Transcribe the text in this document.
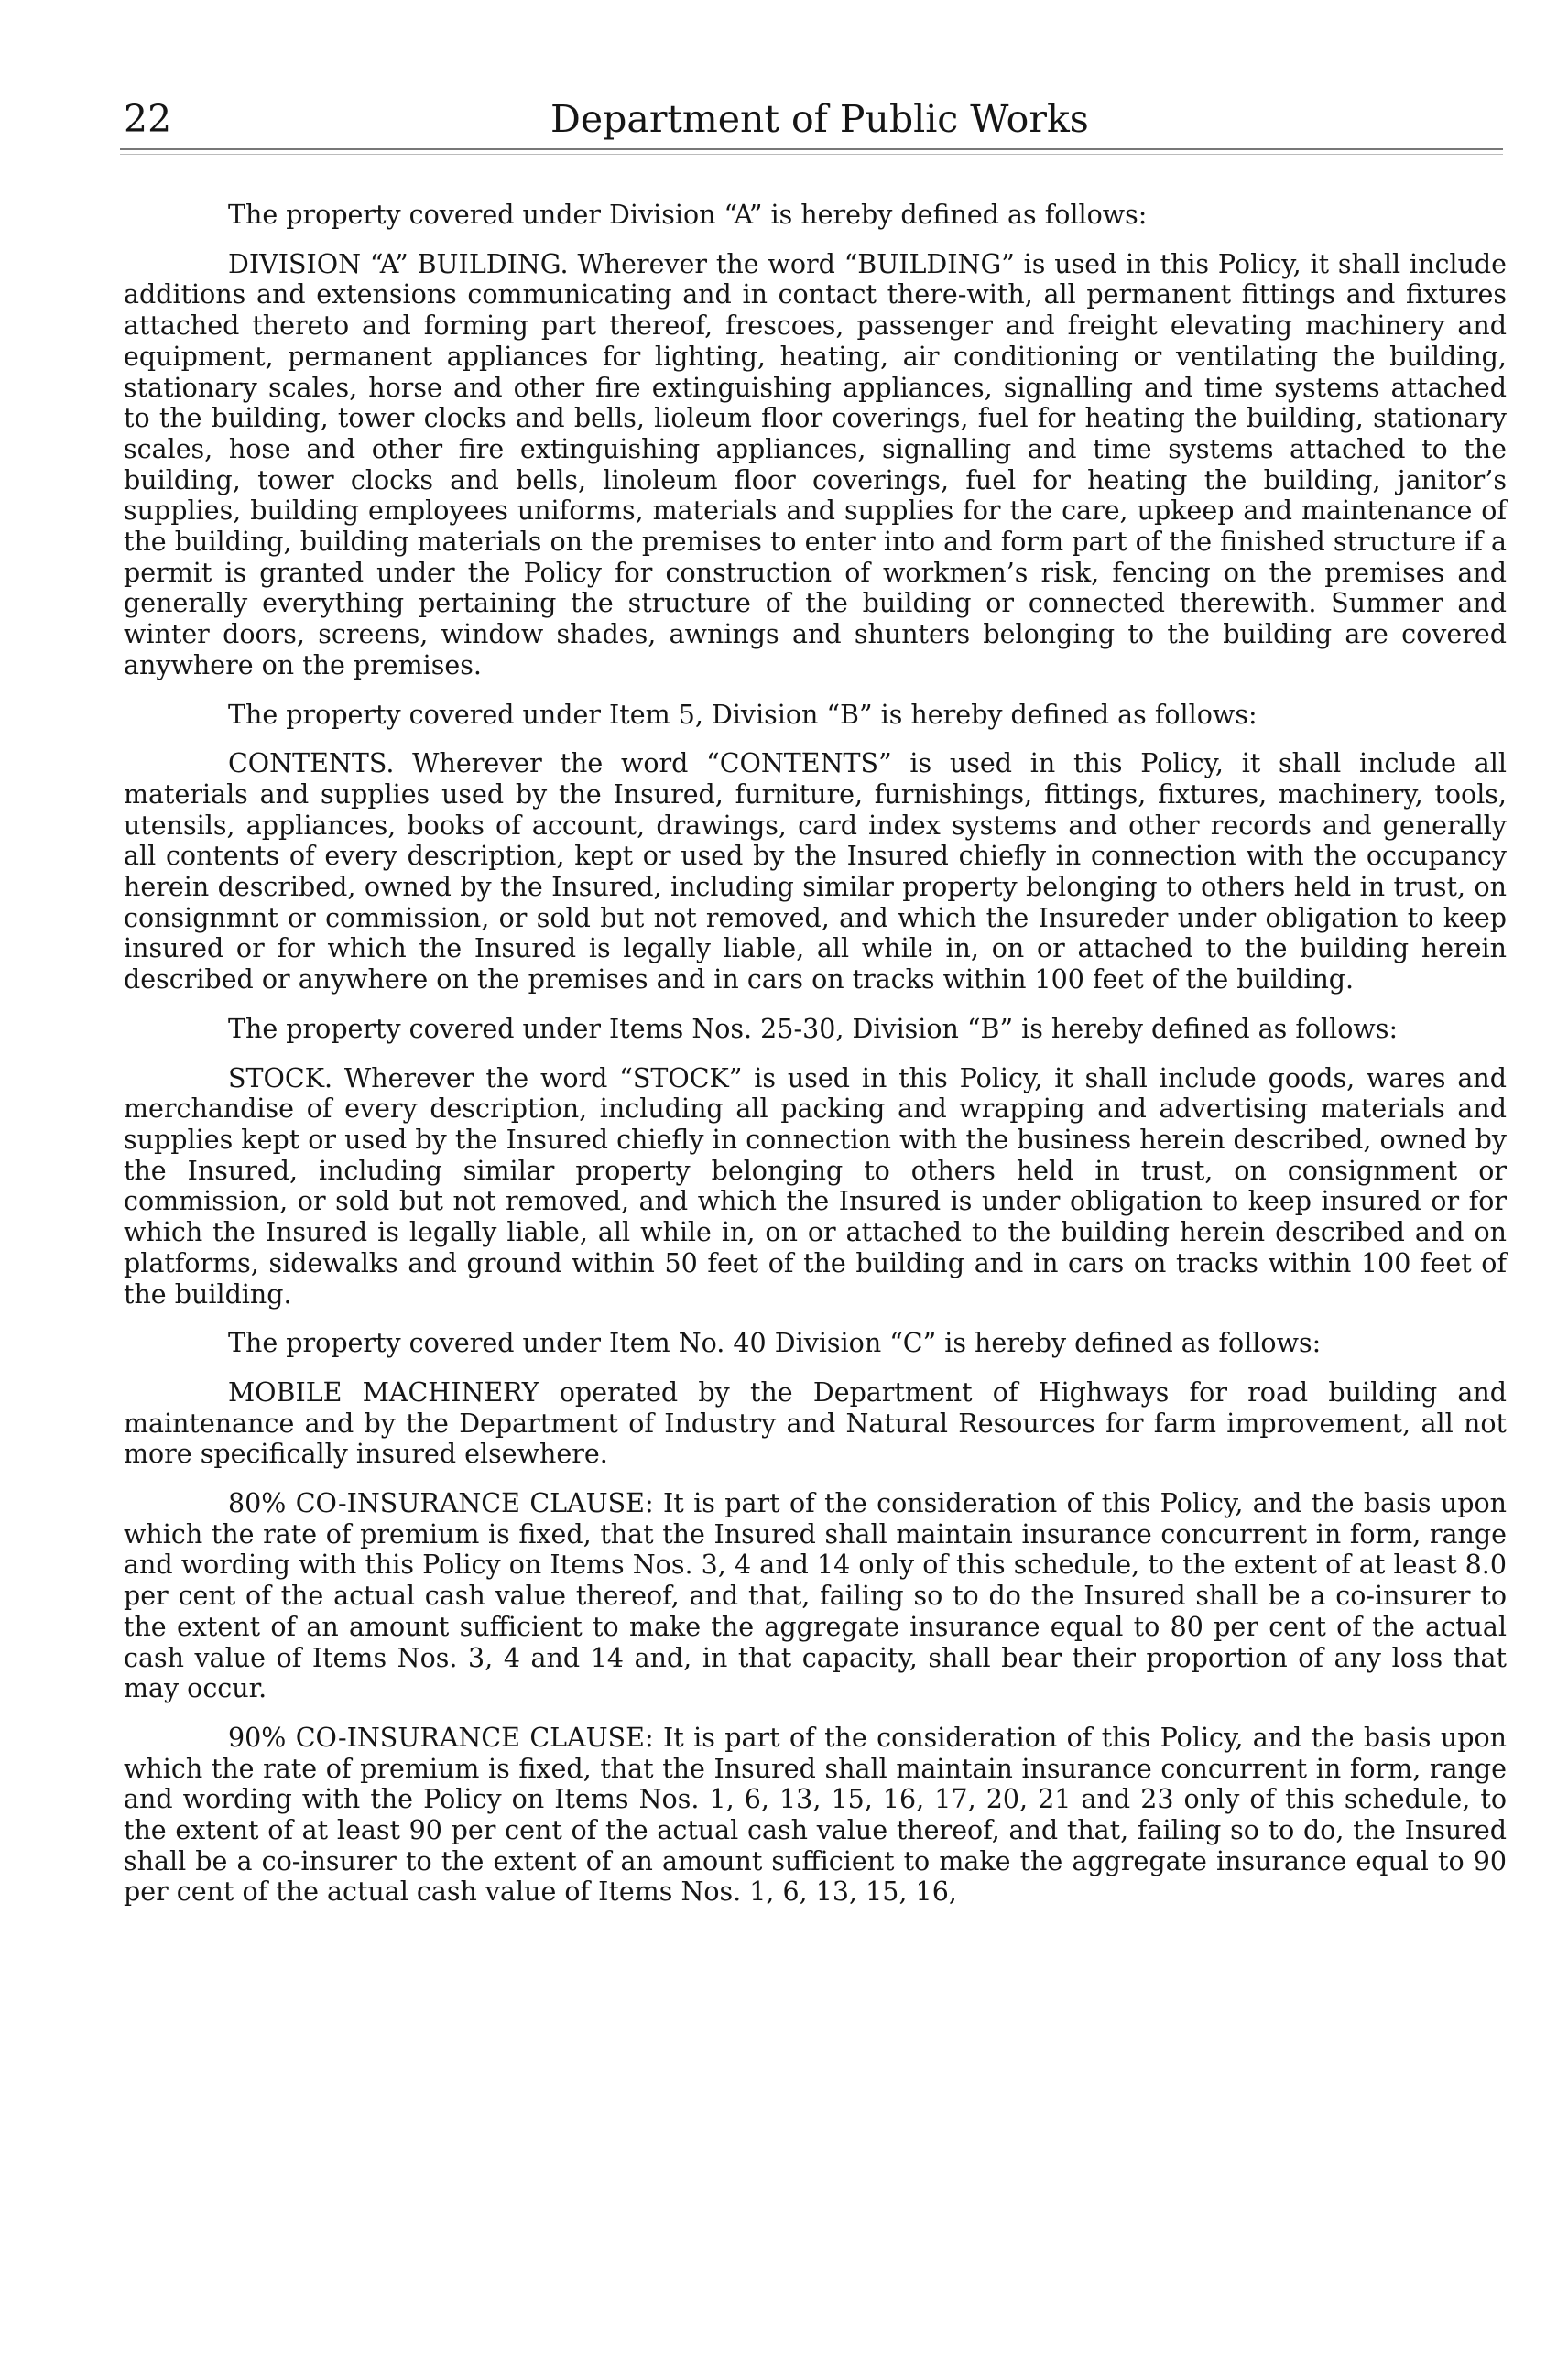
22	Department of Public Works

The property covered under Division “A” is hereby defined as follows:

DIVISION “A” BUILDING. Wherever the word “BUILDING” is used in this Policy, it shall include additions and extensions communicating and in contact there-with, all permanent fittings and fixtures attached thereto and forming part thereof, frescoes, passenger and freight elevating machinery and equipment, permanent appliances for lighting, heating, air conditioning or ventilating the building, stationary scales, horse and other fire extinguishing appliances, signalling and time systems attached to the building, tower clocks and bells, lioleum floor coverings, fuel for heating the building, stationary scales, hose and other fire extinguishing appliances, signalling and time systems attached to the building, tower clocks and bells, linoleum floor coverings, fuel for heating the building, janitor’s supplies, building employees uniforms, materials and supplies for the care, upkeep and maintenance of the building, building materials on the premises to enter into and form part of the finished structure if a permit is granted under the Policy for construction of workmen’s risk, fencing on the premises and generally everything pertaining the structure of the building or connected therewith. Summer and winter doors, screens, window shades, awnings and shunters belonging to the building are covered anywhere on the premises.

The property covered under Item 5, Division “B” is hereby defined as follows:

CONTENTS. Wherever the word “CONTENTS” is used in this Policy, it shall include all materials and supplies used by the Insured, furniture, furnishings, fittings, fixtures, machinery, tools, utensils, appliances, books of account, drawings, card index systems and other records and generally all contents of every description, kept or used by the Insured chiefly in connection with the occupancy herein described, owned by the Insured, including similar property belonging to others held in trust, on consignmnt or commission, or sold but not removed, and which the Insureder under obligation to keep insured or for which the Insured is legally liable, all while in, on or attached to the building herein described or anywhere on the premises and in cars on tracks within 100 feet of the building.

The property covered under Items Nos. 25-30, Division “B” is hereby defined as follows:

STOCK. Wherever the word “STOCK” is used in this Policy, it shall include goods, wares and merchandise of every description, including all packing and wrapping and advertising materials and supplies kept or used by the Insured chiefly in connection with the business herein described, owned by the Insured, including similar property belonging to others held in trust, on consignment or commission, or sold but not removed, and which the Insured is under obligation to keep insured or for which the Insured is legally liable, all while in, on or attached to the building herein described and on platforms, sidewalks and ground within 50 feet of the building and in cars on tracks within 100 feet of the building.

The property covered under Item No. 40 Division “C” is hereby defined as follows:

MOBILE MACHINERY operated by the Department of Highways for road building and maintenance and by the Department of Industry and Natural Resources for farm improvement, all not more specifically insured elsewhere.

80% CO-INSURANCE CLAUSE: It is part of the consideration of this Policy, and the basis upon which the rate of premium is fixed, that the Insured shall maintain insurance concurrent in form, range and wording with this Policy on Items Nos. 3, 4 and 14 only of this schedule, to the extent of at least 8.0 per cent of the actual cash value thereof, and that, failing so to do the Insured shall be a co-insurer to the extent of an amount sufficient to make the aggregate insurance equal to 80 per cent of the actual cash value of Items Nos. 3, 4 and 14 and, in that capacity, shall bear their proportion of any loss that may occur.

90% CO-INSURANCE CLAUSE: It is part of the consideration of this Policy, and the basis upon which the rate of premium is fixed, that the Insured shall maintain insurance concurrent in form, range and wording with the Policy on Items Nos. 1, 6, 13, 15, 16, 17, 20, 21 and 23 only of this schedule, to the extent of at least 90 per cent of the actual cash value thereof, and that, failing so to do, the Insured shall be a co-insurer to the extent of an amount sufficient to make the aggregate insurance equal to 90 per cent of the actual cash value of Items Nos. 1, 6, 13, 15, 16,
